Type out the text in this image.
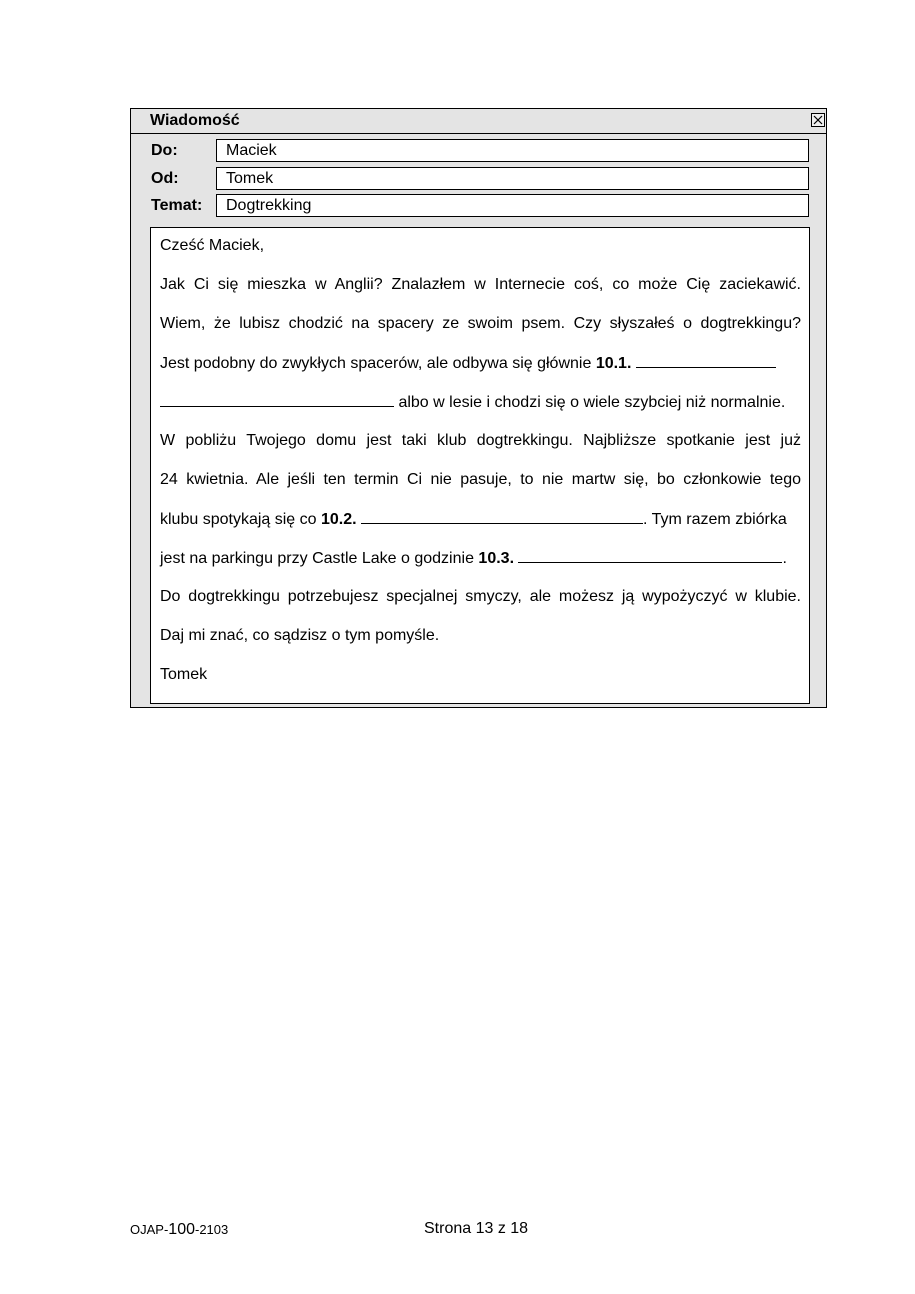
Wiadomość
Do:	Maciek
Od:	Tomek
Temat:	Dogtrekking
Cześć Maciek,
Jak Ci się mieszka w Anglii? Znalazłem w Internecie coś, co może Cię zaciekawić.
Wiem, że lubisz chodzić na spacery ze swoim psem. Czy słyszałeś o dogtrekkingu?
Jest podobny do zwykłych spacerów, ale odbywa się głównie 10.1.
albo w lesie i chodzi się o wiele szybciej niż normalnie.
W pobliżu Twojego domu jest taki klub dogtrekkingu. Najbliższe spotkanie jest już
24 kwietnia. Ale jeśli ten termin Ci nie pasuje, to nie martw się, bo członkowie tego
klubu spotykają się co 10.2.	. Tym razem zbiórka
jest na parkingu przy Castle Lake o godzinie 10.3.	.
Do dogtrekkingu potrzebujesz specjalnej smyczy, ale możesz ją wypożyczyć w klubie.
Daj mi znać, co sądzisz o tym pomyśle.
Tomek
OJAP-100-2103	Strona 13 z 18
